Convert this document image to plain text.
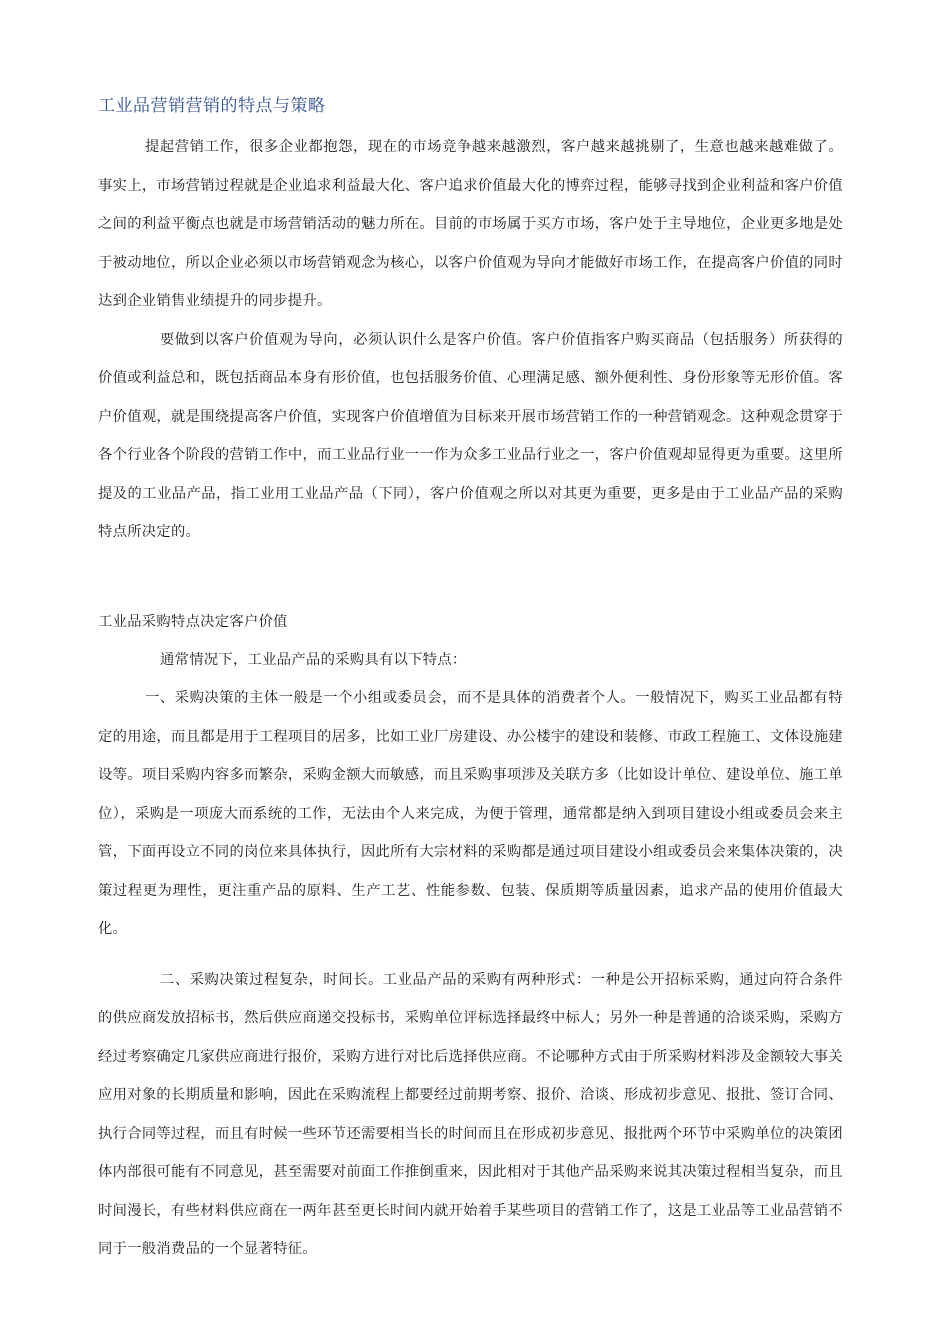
工业品营销营销的特点与策略

提起营销工作，很多企业都抱怨，现在的市场竞争越来越激烈，客户越来越挑剔了，生意也越来越难做了。事实上，市场营销过程就是企业追求利益最大化、客户追求价值最大化的博弈过程，能够寻找到企业利益和客户价值之间的利益平衡点也就是市场营销活动的魅力所在。目前的市场属于买方市场，客户处于主导地位，企业更多地是处于被动地位，所以企业必须以市场营销观念为核心，以客户价值观为导向才能做好市场工作，在提高客户价值的同时达到企业销售业绩提升的同步提升。

要做到以客户价值观为导向，必须认识什么是客户价值。客户价值指客户购买商品（包括服务）所获得的价值或利益总和，既包括商品本身有形价值，也包括服务价值、心理满足感、额外便利性、身份形象等无形价值。客户价值观，就是围绕提高客户价值，实现客户价值增值为目标来开展市场营销工作的一种营销观念。这种观念贯穿于各个行业各个阶段的营销工作中，而工业品行业一一作为众多工业品行业之一，客户价值观却显得更为重要。这里所提及的工业品产品，指工业用工业品产品（下同），客户价值观之所以对其更为重要，更多是由于工业品产品的采购特点所决定的。

工业品采购特点决定客户价值

通常情况下，工业品产品的采购具有以下特点：

一、采购决策的主体一般是一个小组或委员会，而不是具体的消费者个人。一般情况下，购买工业品都有特定的用途，而且都是用于工程项目的居多，比如工业厂房建设、办公楼宇的建设和装修、市政工程施工、文体设施建设等。项目采购内容多而繁杂，采购金额大而敏感，而且采购事项涉及关联方多（比如设计单位、建设单位、施工单位），采购是一项庞大而系统的工作，无法由个人来完成，为便于管理，通常都是纳入到项目建设小组或委员会来主管，下面再设立不同的岗位来具体执行，因此所有大宗材料的采购都是通过项目建设小组或委员会来集体决策的，决策过程更为理性，更注重产品的原料、生产工艺、性能参数、包装、保质期等质量因素，追求产品的使用价值最大化。

二、采购决策过程复杂，时间长。工业品产品的采购有两种形式：一种是公开招标采购，通过向符合条件的供应商发放招标书，然后供应商递交投标书，采购单位评标选择最终中标人；另外一种是普通的洽谈采购，采购方经过考察确定几家供应商进行报价，采购方进行对比后选择供应商。不论哪种方式由于所采购材料涉及金额较大事关应用对象的长期质量和影响，因此在采购流程上都要经过前期考察、报价、洽谈、形成初步意见、报批、签订合同、执行合同等过程，而且有时候一些环节还需要相当长的时间而且在形成初步意见、报批两个环节中采购单位的决策团体内部很可能有不同意见，甚至需要对前面工作推倒重来，因此相对于其他产品采购来说其决策过程相当复杂，而且时间漫长，有些材料供应商在一两年甚至更长时间内就开始着手某些项目的营销工作了，这是工业品等工业品营销不同于一般消费品的一个显著特征。
